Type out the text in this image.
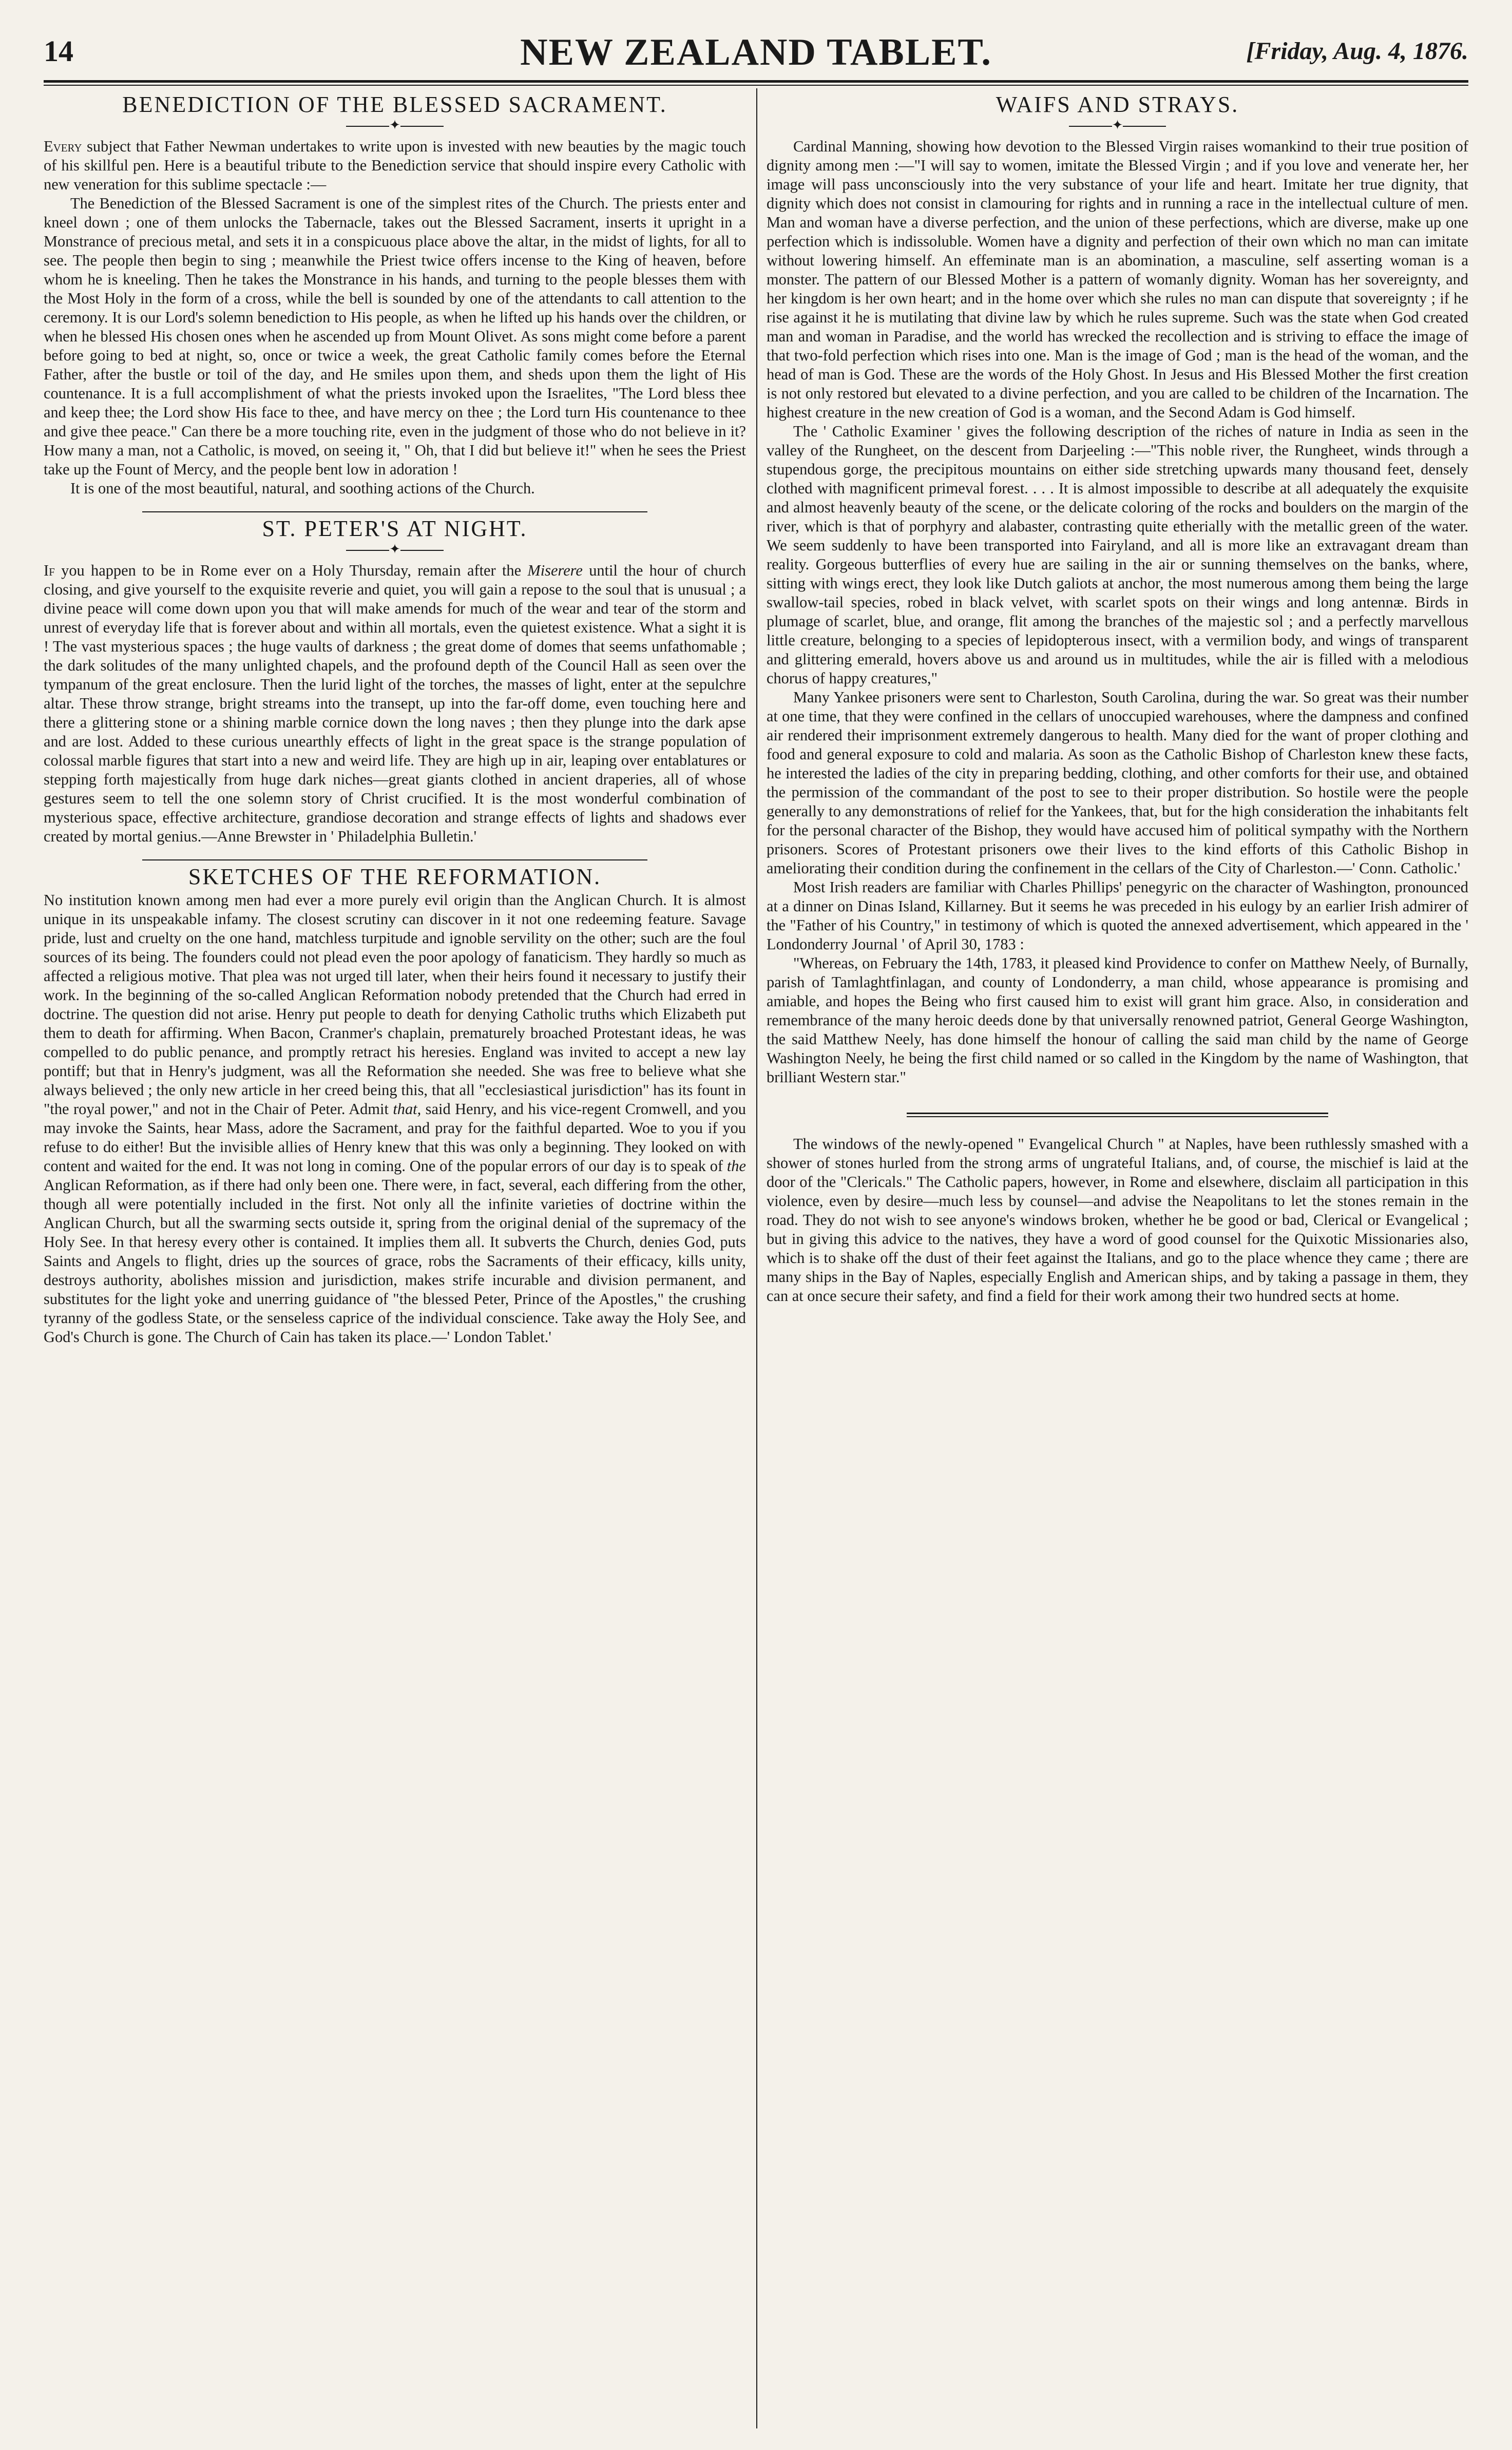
14	NEW ZEALAND TABLET.	[Friday, Aug. 4, 1876.
BENEDICTION OF THE BLESSED SACRAMENT.
✦

Every subject that Father Newman undertakes to write upon is invested with new beauties by the magic touch of his skillful pen. Here is a beautiful tribute to the Benediction service that should inspire every Catholic with new veneration for this sublime spectacle :—

The Benediction of the Blessed Sacrament is one of the simplest rites of the Church. The priests enter and kneel down ; one of them unlocks the Tabernacle, takes out the Blessed Sacrament, inserts it upright in a Monstrance of precious metal, and sets it in a conspicuous place above the altar, in the midst of lights, for all to see. The people then begin to sing ; meanwhile the Priest twice offers incense to the King of heaven, before whom he is kneeling. Then he takes the Monstrance in his hands, and turning to the people blesses them with the Most Holy in the form of a cross, while the bell is sounded by one of the attendants to call attention to the ceremony. It is our Lord's solemn benediction to His people, as when he lifted up his hands over the children, or when he blessed His chosen ones when he ascended up from Mount Olivet. As sons might come before a parent before going to bed at night, so, once or twice a week, the great Catholic family comes before the Eternal Father, after the bustle or toil of the day, and He smiles upon them, and sheds upon them the light of His countenance. It is a full accomplishment of what the priests invoked upon the Israelites, "The Lord bless thee and keep thee; the Lord show His face to thee, and have mercy on thee ; the Lord turn His countenance to thee and give thee peace." Can there be a more touching rite, even in the judgment of those who do not believe in it? How many a man, not a Catholic, is moved, on seeing it, " Oh, that I did but believe it!" when he sees the Priest take up the Fount of Mercy, and the people bent low in adoration !

It is one of the most beautiful, natural, and soothing actions of the Church.

ST. PETER'S AT NIGHT.
✦

If you happen to be in Rome ever on a Holy Thursday, remain after the Miserere until the hour of church closing, and give yourself to the exquisite reverie and quiet, you will gain a repose to the soul that is unusual ; a divine peace will come down upon you that will make amends for much of the wear and tear of the storm and unrest of everyday life that is forever about and within all mortals, even the quietest existence. What a sight it is ! The vast mysterious spaces ; the huge vaults of darkness ; the great dome of domes that seems unfathomable ; the dark solitudes of the many unlighted chapels, and the profound depth of the Council Hall as seen over the tympanum of the great enclosure. Then the lurid light of the torches, the masses of light, enter at the sepulchre altar. These throw strange, bright streams into the transept, up into the far-off dome, even touching here and there a glittering stone or a shining marble cornice down the long naves ; then they plunge into the dark apse and are lost. Added to these curious unearthly effects of light in the great space is the strange population of colossal marble figures that start into a new and weird life. They are high up in air, leaping over entablatures or stepping forth majestically from huge dark niches—great giants clothed in ancient draperies, all of whose gestures seem to tell the one solemn story of Christ crucified. It is the most wonderful combination of mysterious space, effective architecture, grandiose decoration and strange effects of lights and shadows ever created by mortal genius.—Anne Brewster in ' Philadelphia Bulletin.'

SKETCHES OF THE REFORMATION.

No institution known among men had ever a more purely evil origin than the Anglican Church. It is almost unique in its unspeakable infamy. The closest scrutiny can discover in it not one redeeming feature. Savage pride, lust and cruelty on the one hand, matchless turpitude and ignoble servility on the other; such are the foul sources of its being. The founders could not plead even the poor apology of fanaticism. They hardly so much as affected a religious motive. That plea was not urged till later, when their heirs found it necessary to justify their work. In the beginning of the so-called Anglican Reformation nobody pretended that the Church had erred in doctrine. The question did not arise. Henry put people to death for denying Catholic truths which Elizabeth put them to death for affirming. When Bacon, Cranmer's chaplain, prematurely broached Protestant ideas, he was compelled to do public penance, and promptly retract his heresies. England was invited to accept a new lay pontiff; but that in Henry's judgment, was all the Reformation she needed. She was free to believe what she always believed ; the only new article in her creed being this, that all "ecclesiastical jurisdiction" has its fount in "the royal power," and not in the Chair of Peter. Admit that, said Henry, and his vice-regent Cromwell, and you may invoke the Saints, hear Mass, adore the Sacrament, and pray for the faithful departed. Woe to you if you refuse to do either! But the invisible allies of Henry knew that this was only a beginning. They looked on with content and waited for the end. It was not long in coming. One of the popular errors of our day is to speak of the Anglican Reformation, as if there had only been one. There were, in fact, several, each differing from the other, though all were potentially included in the first. Not only all the infinite varieties of doctrine within the Anglican Church, but all the swarming sects outside it, spring from the original denial of the supremacy of the Holy See. In that heresy every other is contained. It implies them all. It subverts the Church, denies God, puts Saints and Angels to flight, dries up the sources of grace, robs the Sacraments of their efficacy, kills unity, destroys authority, abolishes mission and jurisdiction, makes strife incurable and division permanent, and substitutes for the light yoke and unerring guidance of "the blessed Peter, Prince of the Apostles," the crushing tyranny of the godless State, or the senseless caprice of the individual conscience. Take away the Holy See, and God's Church is gone. The Church of Cain has taken its place.—' London Tablet.'

WAIFS AND STRAYS.
✦

Cardinal Manning, showing how devotion to the Blessed Virgin raises womankind to their true position of dignity among men :—"I will say to women, imitate the Blessed Virgin ; and if you love and venerate her, her image will pass unconsciously into the very substance of your life and heart. Imitate her true dignity, that dignity which does not consist in clamouring for rights and in running a race in the intellectual culture of men. Man and woman have a diverse perfection, and the union of these perfections, which are diverse, make up one perfection which is indissoluble. Women have a dignity and perfection of their own which no man can imitate without lowering himself. An effeminate man is an abomination, a masculine, self asserting woman is a monster. The pattern of our Blessed Mother is a pattern of womanly dignity. Woman has her sovereignty, and her kingdom is her own heart; and in the home over which she rules no man can dispute that sovereignty ; if he rise against it he is mutilating that divine law by which he rules supreme. Such was the state when God created man and woman in Paradise, and the world has wrecked the recollection and is striving to efface the image of that two-fold perfection which rises into one. Man is the image of God ; man is the head of the woman, and the head of man is God. These are the words of the Holy Ghost. In Jesus and His Blessed Mother the first creation is not only restored but elevated to a divine perfection, and you are called to be children of the Incarnation. The highest creature in the new creation of God is a woman, and the Second Adam is God himself.

The ' Catholic Examiner ' gives the following description of the riches of nature in India as seen in the valley of the Rungheet, on the descent from Darjeeling :—"This noble river, the Rungheet, winds through a stupendous gorge, the precipitous mountains on either side stretching upwards many thousand feet, densely clothed with magnificent primeval forest. . . . It is almost impossible to describe at all adequately the exquisite and almost heavenly beauty of the scene, or the delicate coloring of the rocks and boulders on the margin of the river, which is that of porphyry and alabaster, contrasting quite etherially with the metallic green of the water. We seem suddenly to have been transported into Fairyland, and all is more like an extravagant dream than reality. Gorgeous butterflies of every hue are sailing in the air or sunning themselves on the banks, where, sitting with wings erect, they look like Dutch galiots at anchor, the most numerous among them being the large swallow-tail species, robed in black velvet, with scarlet spots on their wings and long antennæ. Birds in plumage of scarlet, blue, and orange, flit among the branches of the majestic sol ; and a perfectly marvellous little creature, belonging to a species of lepidopterous insect, with a vermilion body, and wings of transparent and glittering emerald, hovers above us and around us in multitudes, while the air is filled with a melodious chorus of happy creatures,"

Many Yankee prisoners were sent to Charleston, South Carolina, during the war. So great was their number at one time, that they were confined in the cellars of unoccupied warehouses, where the dampness and confined air rendered their imprisonment extremely dangerous to health. Many died for the want of proper clothing and food and general exposure to cold and malaria. As soon as the Catholic Bishop of Charleston knew these facts, he interested the ladies of the city in preparing bedding, clothing, and other comforts for their use, and obtained the permission of the commandant of the post to see to their proper distribution. So hostile were the people generally to any demonstrations of relief for the Yankees, that, but for the high consideration the inhabitants felt for the personal character of the Bishop, they would have accused him of political sympathy with the Northern prisoners. Scores of Protestant prisoners owe their lives to the kind efforts of this Catholic Bishop in ameliorating their condition during the confinement in the cellars of the City of Charleston.—' Conn. Catholic.'

Most Irish readers are familiar with Charles Phillips' penegyric on the character of Washington, pronounced at a dinner on Dinas Island, Killarney. But it seems he was preceded in his eulogy by an earlier Irish admirer of the "Father of his Country," in testimony of which is quoted the annexed advertisement, which appeared in the ' Londonderry Journal ' of April 30, 1783 :

"Whereas, on February the 14th, 1783, it pleased kind Providence to confer on Matthew Neely, of Burnally, parish of Tamlaghtfinlagan, and county of Londonderry, a man child, whose appearance is promising and amiable, and hopes the Being who first caused him to exist will grant him grace. Also, in consideration and remembrance of the many heroic deeds done by that universally renowned patriot, General George Washington, the said Matthew Neely, has done himself the honour of calling the said man child by the name of George Washington Neely, he being the first child named or so called in the Kingdom by the name of Washington, that brilliant Western star."

The windows of the newly-opened " Evangelical Church " at Naples, have been ruthlessly smashed with a shower of stones hurled from the strong arms of ungrateful Italians, and, of course, the mischief is laid at the door of the "Clericals." The Catholic papers, however, in Rome and elsewhere, disclaim all participation in this violence, even by desire—much less by counsel—and advise the Neapolitans to let the stones remain in the road. They do not wish to see anyone's windows broken, whether he be good or bad, Clerical or Evangelical ; but in giving this advice to the natives, they have a word of good counsel for the Quixotic Missionaries also, which is to shake off the dust of their feet against the Italians, and go to the place whence they came ; there are many ships in the Bay of Naples, especially English and American ships, and by taking a passage in them, they can at once secure their safety, and find a field for their work among their two hundred sects at home.
